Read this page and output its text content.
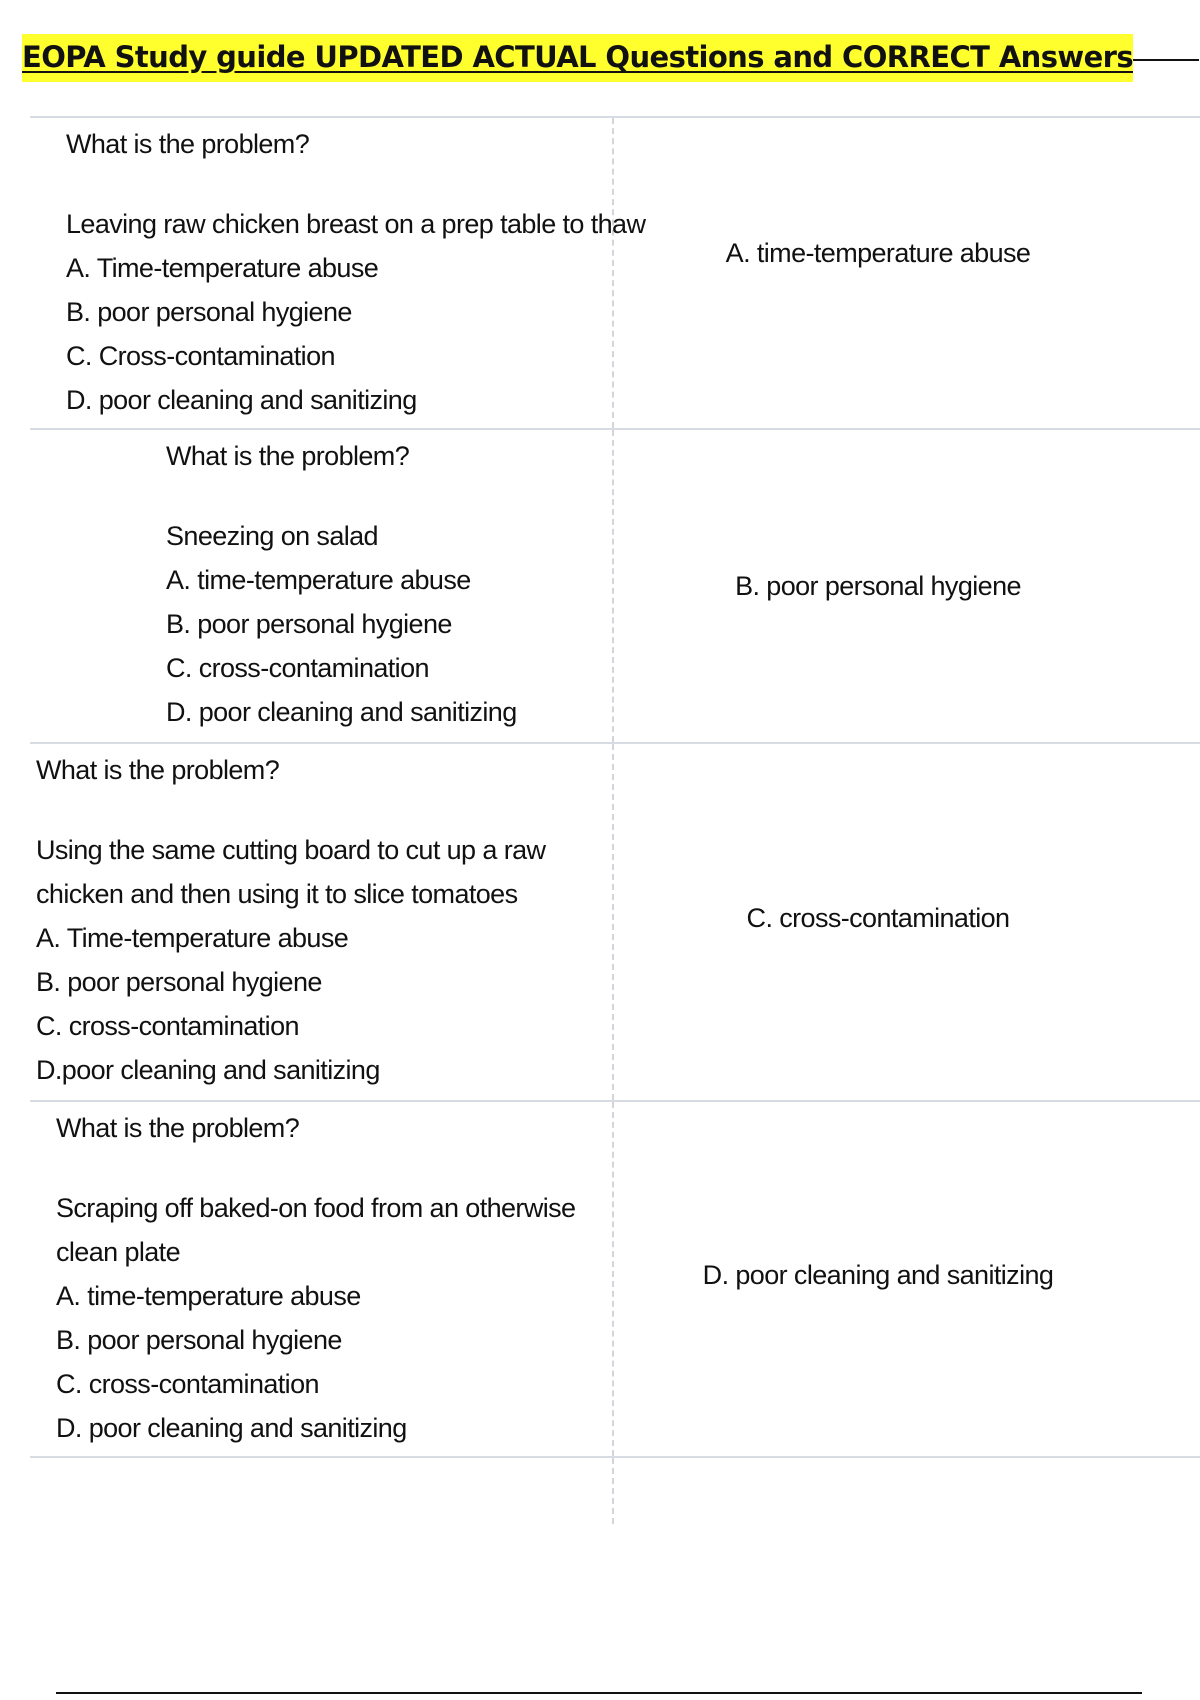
EOPA Study guide UPDATED ACTUAL Questions and CORRECT Answers
What is the problem?
Leaving raw chicken breast on a prep table to thaw
A. Time-temperature abuse
B. poor personal hygiene
C. Cross-contamination
D. poor cleaning and sanitizing
A. time-temperature abuse
What is the problem?
Sneezing on salad
A. time-temperature abuse
B. poor personal hygiene
C. cross-contamination
D. poor cleaning and sanitizing
B. poor personal hygiene
What is the problem?
Using the same cutting board to cut up a raw chicken and then using it to slice tomatoes
A. Time-temperature abuse
B. poor personal hygiene
C. cross-contamination
D.poor cleaning and sanitizing
C. cross-contamination
What is the problem?
Scraping off baked-on food from an otherwise clean plate
A. time-temperature abuse
B. poor personal hygiene
C. cross-contamination
D. poor cleaning and sanitizing
D. poor cleaning and sanitizing
